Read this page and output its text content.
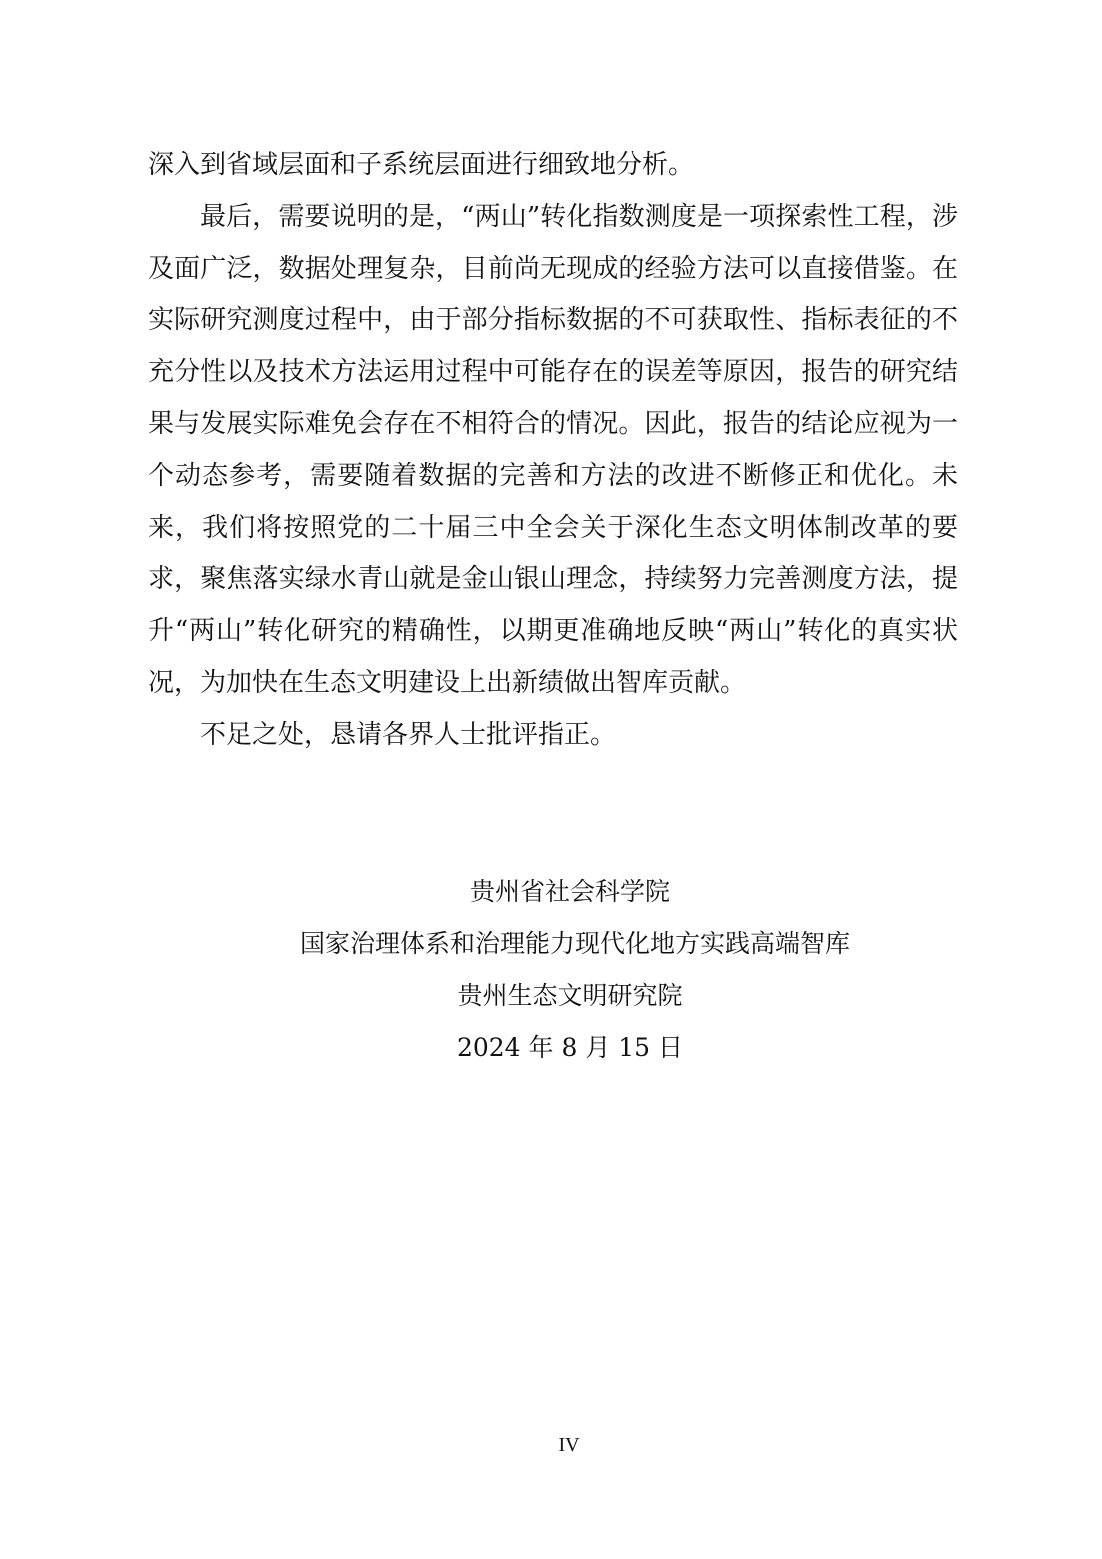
深入到省域层面和子系统层面进行细致地分析。

最后，需要说明的是，“两山”转化指数测度是一项探索性工程，涉及面广泛，数据处理复杂，目前尚无现成的经验方法可以直接借鉴。在实际研究测度过程中，由于部分指标数据的不可获取性、指标表征的不充分性以及技术方法运用过程中可能存在的误差等原因，报告的研究结果与发展实际难免会存在不相符合的情况。因此，报告的结论应视为一个动态参考，需要随着数据的完善和方法的改进不断修正和优化。未来，我们将按照党的二十届三中全会关于深化生态文明体制改革的要求，聚焦落实绿水青山就是金山银山理念，持续努力完善测度方法，提升“两山”转化研究的精确性，以期更准确地反映“两山”转化的真实状况，为加快在生态文明建设上出新绩做出智库贡献。

不足之处，恳请各界人士批评指正。

贵州省社会科学院
国家治理体系和治理能力现代化地方实践高端智库
贵州生态文明研究院
2024 年 8 月 15 日
IV
